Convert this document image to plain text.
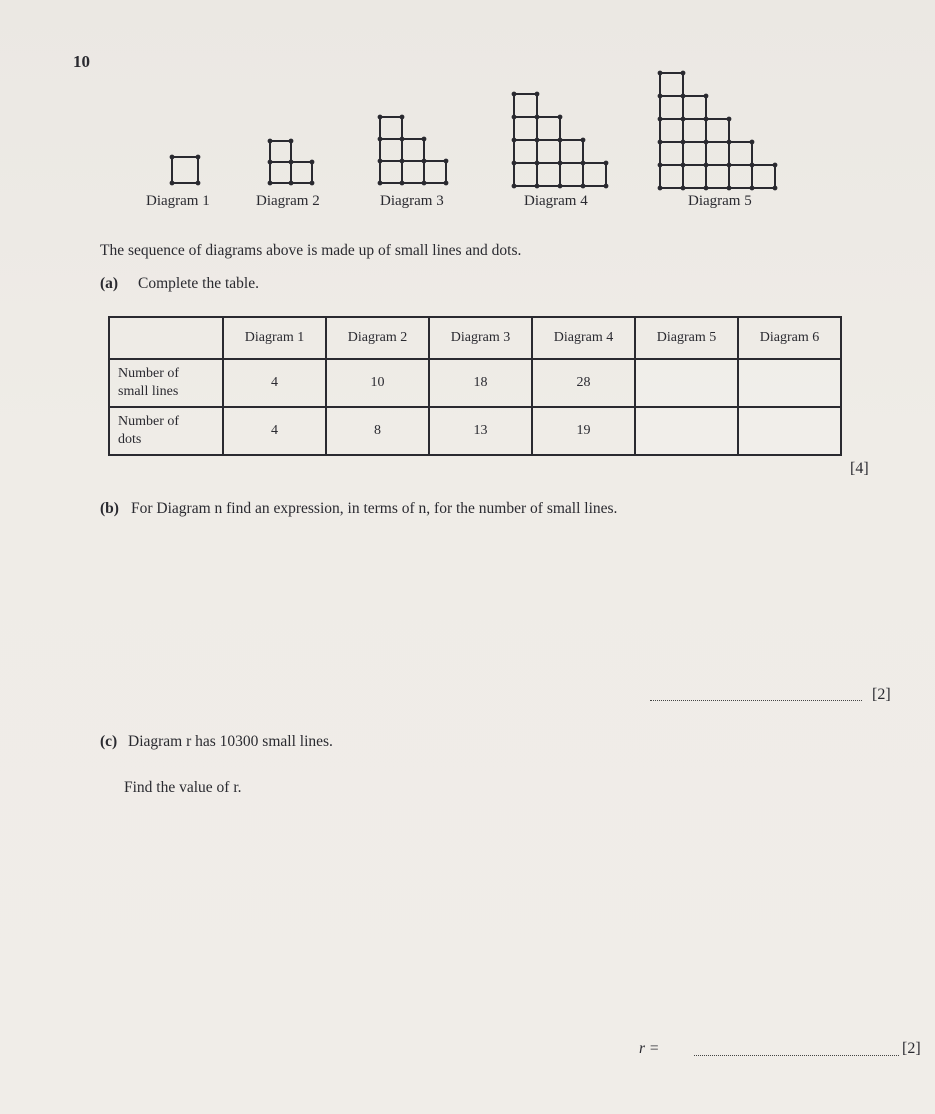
10
Diagram 1	Diagram 2	Diagram 3	Diagram 4	Diagram 5
The sequence of diagrams above is made up of small lines and dots.
(a) Complete the table.
	Diagram 1	Diagram 2	Diagram 3	Diagram 4	Diagram 5	Diagram 6
Number of
small lines	4	10	18	28		
Number of
dots	4	8	13	19		
[4]
(b) For Diagram n find an expression, in terms of n, for the number of small lines.
[2]
(c) Diagram r has 10300 small lines.
Find the value of r.
r =	[2]
